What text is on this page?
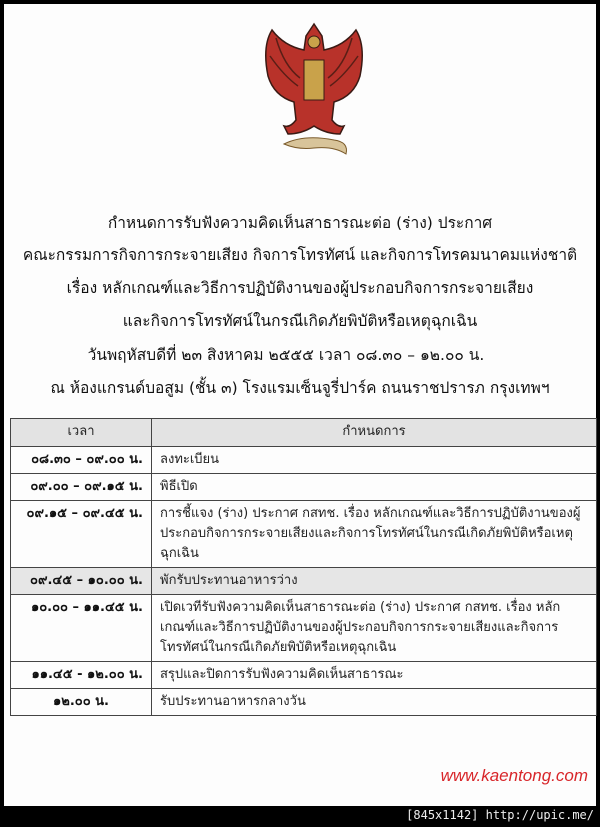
กำหนดการรับฟังความคิดเห็นสาธารณะต่อ (ร่าง) ประกาศ
คณะกรรมการกิจการกระจายเสียง กิจการโทรทัศน์ และกิจการโทรคมนาคมแห่งชาติ
เรื่อง หลักเกณฑ์และวิธีการปฏิบัติงานของผู้ประกอบกิจการกระจายเสียง
และกิจการโทรทัศน์ในกรณีเกิดภัยพิบัติหรือเหตุฉุกเฉิน
วันพฤหัสบดีที่ ๒๓ สิงหาคม ๒๕๕๕ เวลา ๐๘.๓๐ – ๑๒.๐๐ น.
ณ ห้องแกรนด์บอสูม (ชั้น ๓) โรงแรมเซ็นจูรี่ปาร์ค ถนนราชปรารภ กรุงเทพฯ
เวลา	กำหนดการ
๐๘.๓๐ – ๐๙.๐๐ น.	ลงทะเบียน
๐๙.๐๐ – ๐๙.๑๕ น.	พิธีเปิด
๐๙.๑๕ – ๐๙.๔๕ น.	การชี้แจง (ร่าง) ประกาศ กสทช. เรื่อง หลักเกณฑ์และวิธีการปฏิบัติงานของผู้ประกอบกิจการกระจายเสียงและกิจการโทรทัศน์ในกรณีเกิดภัยพิบัติหรือเหตุฉุกเฉิน
๐๙.๔๕ – ๑๐.๐๐ น.	พักรับประทานอาหารว่าง
๑๐.๐๐ – ๑๑.๔๕ น.	เปิดเวทีรับฟังความคิดเห็นสาธารณะต่อ (ร่าง) ประกาศ กสทช. เรื่อง หลักเกณฑ์และวิธีการปฏิบัติงานของผู้ประกอบกิจการกระจายเสียงและกิจการโทรทัศน์ในกรณีเกิดภัยพิบัติหรือเหตุฉุกเฉิน
๑๑.๔๕ - ๑๒.๐๐ น.	สรุปและปิดการรับฟังความคิดเห็นสาธารณะ
๑๒.๐๐ น.	รับประทานอาหารกลางวัน
www.kaentong.com
[845x1142] http://upic.me/
